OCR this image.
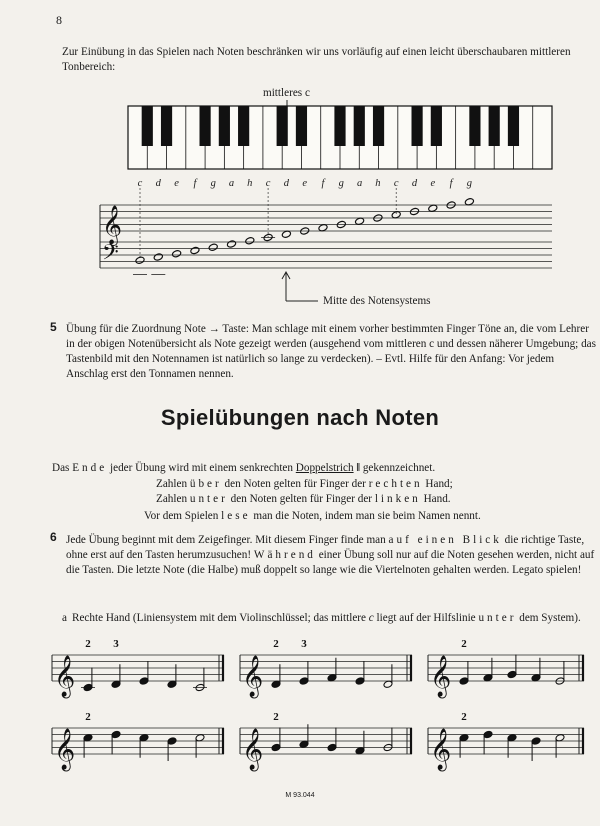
8
Zur Einübung in das Spielen nach Noten beschränken wir uns vorläufig auf einen leicht überschaubaren mittleren Tonbereich:
mittleres c
c d e f g a h c d e f g a h c d e f g
𝄞
𝄢
Mitte des Notensystems
5 Übung für die Zuordnung Note → Taste: Man schlage mit einem vorher bestimmten Finger Töne an, die vom Lehrer in der obigen Notenübersicht als Note gezeigt werden (ausgehend vom mittleren c und dessen näherer Umgebung; das Tastenbild mit den Notennamen ist natürlich so lange zu verdecken). – Evtl. Hilfe für den Anfang: Vor jedem Anschlag erst den Tonnamen nennen.
Spielübungen nach Noten
Das Ende jeder Übung wird mit einem senkrechten Doppelstrich ‖ gekennzeichnet.
Zahlen über den Noten gelten für Finger der rechten Hand;
Zahlen unter den Noten gelten für Finger der linken Hand.
Vor dem Spielen lese man die Noten, indem man sie beim Namen nennt.
6 Jede Übung beginnt mit dem Zeigefinger. Mit diesem Finger finde man auf einen Blick die richtige Taste, ohne erst auf den Tasten herumzusuchen! Während einer Übung soll nur auf die Noten gesehen werden, nicht auf die Tasten. Die letzte Note (die Halbe) muß doppelt so lange wie die Viertelnoten gehalten werden. Legato spielen!
a Rechte Hand (Liniensystem mit dem Violinschlüssel; das mittlere c liegt auf der Hilfslinie unter dem System).
𝄞
2 3
𝄞
2 3
𝄞
2
𝄞
2
𝄞
2
𝄞
2
M 93.044
